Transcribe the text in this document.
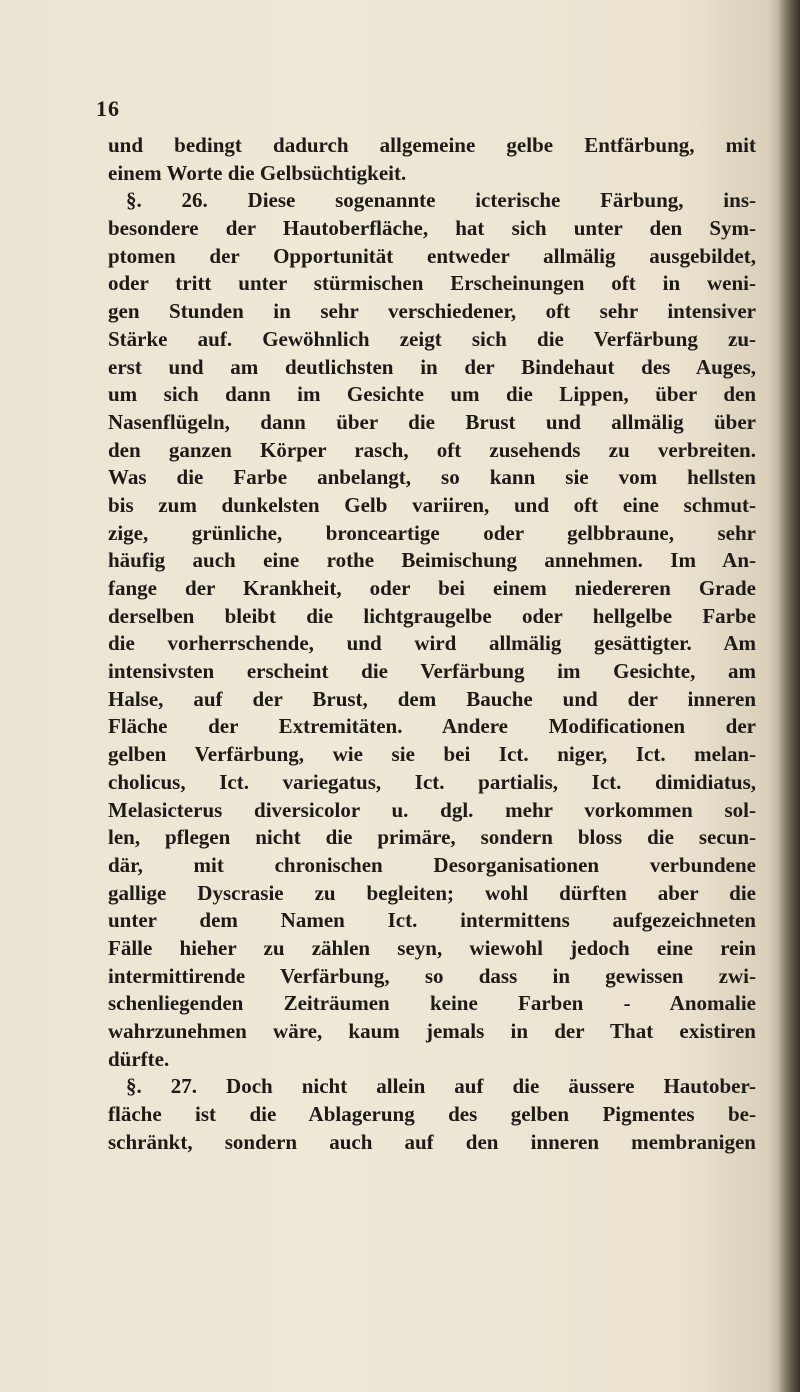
16
und bedingt dadurch allgemeine gelbe Entfärbung, mit
einem Worte die Gelbsüchtigkeit.
§. 26. Diese sogenannte icterische Färbung, ins-
besondere der Hautoberfläche, hat sich unter den Sym-
ptomen der Opportunität entweder allmälig ausgebildet,
oder tritt unter stürmischen Erscheinungen oft in weni-
gen Stunden in sehr verschiedener, oft sehr intensiver
Stärke auf. Gewöhnlich zeigt sich die Verfärbung zu-
erst und am deutlichsten in der Bindehaut des Auges,
um sich dann im Gesichte um die Lippen, über den
Nasenflügeln, dann über die Brust und allmälig über
den ganzen Körper rasch, oft zusehends zu verbreiten.
Was die Farbe anbelangt, so kann sie vom hellsten
bis zum dunkelsten Gelb variiren, und oft eine schmut-
zige, grünliche, bronceartige oder gelbbraune, sehr
häufig auch eine rothe Beimischung annehmen. Im An-
fange der Krankheit, oder bei einem niedereren Grade
derselben bleibt die lichtgraugelbe oder hellgelbe Farbe
die vorherrschende, und wird allmälig gesättigter. Am
intensivsten erscheint die Verfärbung im Gesichte, am
Halse, auf der Brust, dem Bauche und der inneren
Fläche der Extremitäten. Andere Modificationen der
gelben Verfärbung, wie sie bei Ict. niger, Ict. melan-
cholicus, Ict. variegatus, Ict. partialis, Ict. dimidiatus,
Melasicterus diversicolor u. dgl. mehr vorkommen sol-
len, pflegen nicht die primäre, sondern bloss die secun-
där, mit chronischen Desorganisationen verbundene
gallige Dyscrasie zu begleiten; wohl dürften aber die
unter dem Namen Ict. intermittens aufgezeichneten
Fälle hieher zu zählen seyn, wiewohl jedoch eine rein
intermittirende Verfärbung, so dass in gewissen zwi-
schenliegenden Zeiträumen keine Farben - Anomalie
wahrzunehmen wäre, kaum jemals in der That existiren
dürfte.
§. 27. Doch nicht allein auf die äussere Hautober-
fläche ist die Ablagerung des gelben Pigmentes be-
schränkt, sondern auch auf den inneren membranigen
